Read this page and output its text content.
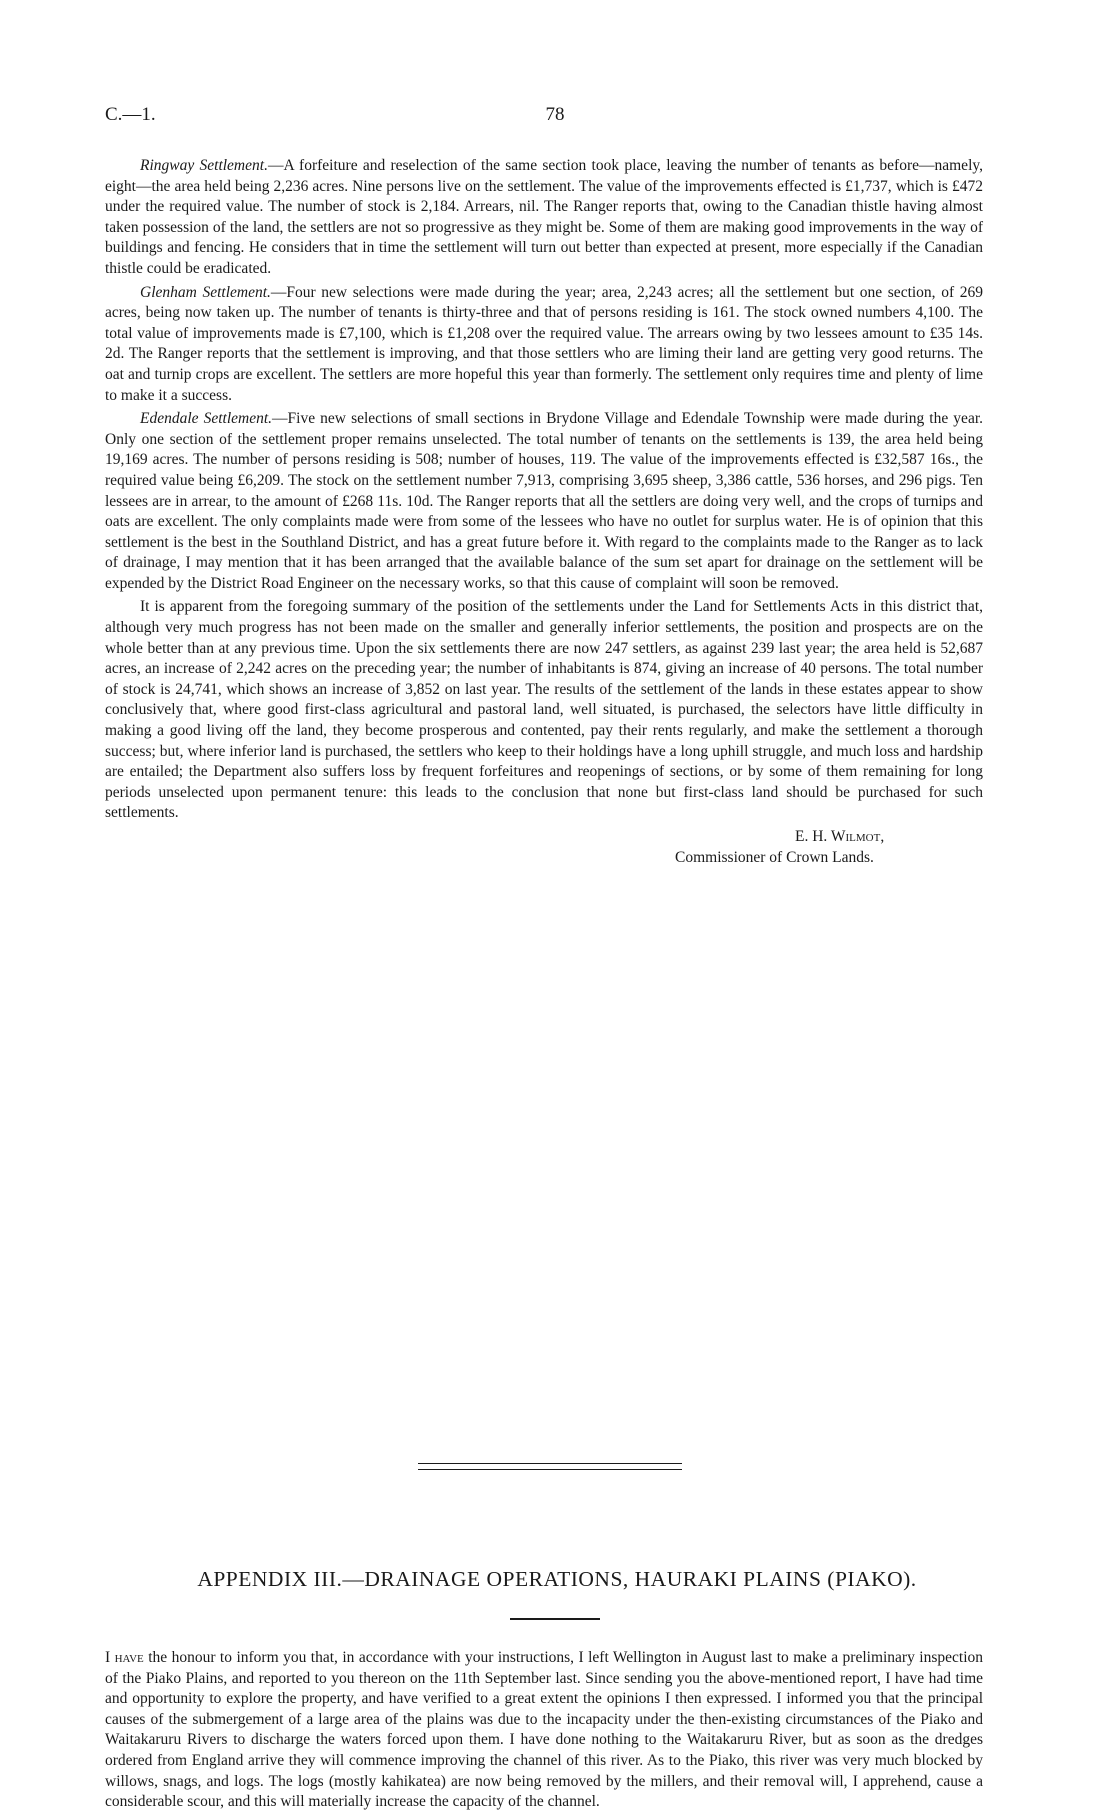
C.—1.	78

Ringway Settlement.—A forfeiture and reselection of the same section took place, leaving the number of tenants as before—namely, eight—the area held being 2,236 acres. Nine persons live on the settlement. The value of the improvements effected is £1,737, which is £472 under the required value. The number of stock is 2,184. Arrears, nil. The Ranger reports that, owing to the Canadian thistle having almost taken possession of the land, the settlers are not so progressive as they might be. Some of them are making good improvements in the way of buildings and fencing. He considers that in time the settlement will turn out better than expected at present, more especially if the Canadian thistle could be eradicated.

Glenham Settlement.—Four new selections were made during the year; area, 2,243 acres; all the settlement but one section, of 269 acres, being now taken up. The number of tenants is thirty-three and that of persons residing is 161. The stock owned numbers 4,100. The total value of improvements made is £7,100, which is £1,208 over the required value. The arrears owing by two lessees amount to £35 14s. 2d. The Ranger reports that the settlement is improving, and that those settlers who are liming their land are getting very good returns. The oat and turnip crops are excellent. The settlers are more hopeful this year than formerly. The settlement only requires time and plenty of lime to make it a success.

Edendale Settlement.—Five new selections of small sections in Brydone Village and Edendale Township were made during the year. Only one section of the settlement proper remains unselected. The total number of tenants on the settlements is 139, the area held being 19,169 acres. The number of persons residing is 508; number of houses, 119. The value of the improvements effected is £32,587 16s., the required value being £6,209. The stock on the settlement number 7,913, comprising 3,695 sheep, 3,386 cattle, 536 horses, and 296 pigs. Ten lessees are in arrear, to the amount of £268 11s. 10d. The Ranger reports that all the settlers are doing very well, and the crops of turnips and oats are excellent. The only complaints made were from some of the lessees who have no outlet for surplus water. He is of opinion that this settlement is the best in the Southland District, and has a great future before it. With regard to the complaints made to the Ranger as to lack of drainage, I may mention that it has been arranged that the available balance of the sum set apart for drainage on the settlement will be expended by the District Road Engineer on the necessary works, so that this cause of complaint will soon be removed.

It is apparent from the foregoing summary of the position of the settlements under the Land for Settlements Acts in this district that, although very much progress has not been made on the smaller and generally inferior settlements, the position and prospects are on the whole better than at any previous time. Upon the six settlements there are now 247 settlers, as against 239 last year; the area held is 52,687 acres, an increase of 2,242 acres on the preceding year; the number of inhabitants is 874, giving an increase of 40 persons. The total number of stock is 24,741, which shows an increase of 3,852 on last year. The results of the settlement of the lands in these estates appear to show conclusively that, where good first-class agricultural and pastoral land, well situated, is purchased, the selectors have little difficulty in making a good living off the land, they become prosperous and contented, pay their rents regularly, and make the settlement a thorough success; but, where inferior land is purchased, the settlers who keep to their holdings have a long uphill struggle, and much loss and hardship are entailed; the Department also suffers loss by frequent forfeitures and reopenings of sections, or by some of them remaining for long periods unselected upon permanent tenure: this leads to the conclusion that none but first-class land should be purchased for such settlements.

E. H. Wilmot,
Commissioner of Crown Lands.
APPENDIX III.—DRAINAGE OPERATIONS, HAURAKI PLAINS (PIAKO).

I have the honour to inform you that, in accordance with your instructions, I left Wellington in August last to make a preliminary inspection of the Piako Plains, and reported to you thereon on the 11th September last. Since sending you the above-mentioned report, I have had time and opportunity to explore the property, and have verified to a great extent the opinions I then expressed. I informed you that the principal causes of the submergement of a large area of the plains was due to the incapacity under the then-existing circumstances of the Piako and Waitakaruru Rivers to discharge the waters forced upon them. I have done nothing to the Waitakaruru River, but as soon as the dredges ordered from England arrive they will commence improving the channel of this river. As to the Piako, this river was very much blocked by willows, snags, and logs. The logs (mostly kahikatea) are now being removed by the millers, and their removal will, I apprehend, cause a considerable scour, and this will materially increase the capacity of the channel.
